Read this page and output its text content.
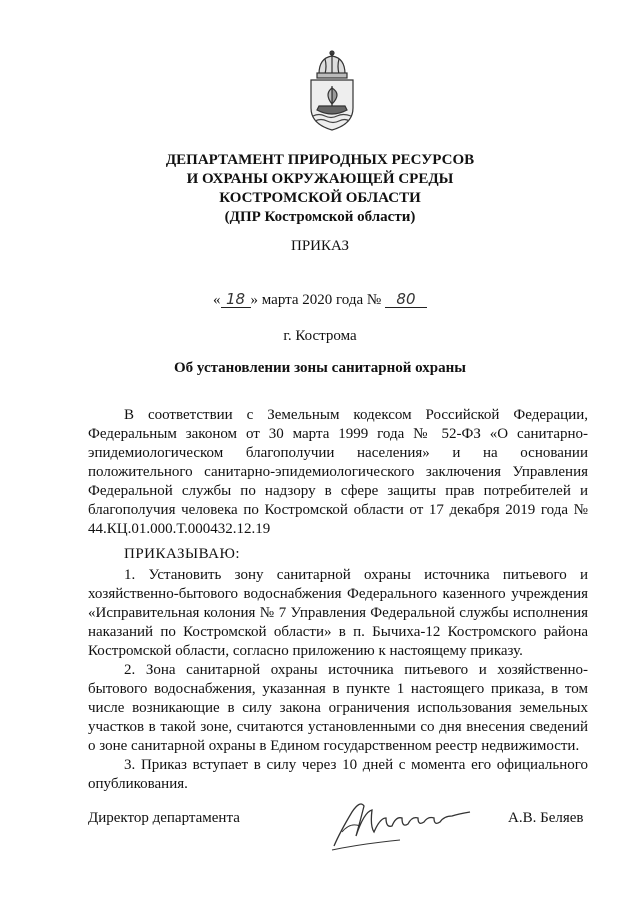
ДЕПАРТАМЕНТ ПРИРОДНЫХ РЕСУРСОВ
И ОХРАНЫ ОКРУЖАЮЩЕЙ СРЕДЫ
КОСТРОМСКОЙ ОБЛАСТИ
(ДПР Костромской области)
ПРИКАЗ
« 18 » марта 2020 года № 80
г. Кострома
Об установлении зоны санитарной охраны

В соответствии с Земельным кодексом Российской Федерации, Федеральным законом от 30 марта 1999 года № 52-ФЗ «О санитарно-эпидемиологическом благополучии населения» и на основании положительного санитарно-эпидемиологического заключения Управления Федеральной службы по надзору в сфере защиты прав потребителей и благополучия человека по Костромской области от 17 декабря 2019 года № 44.КЦ.01.000.Т.000432.12.19

ПРИКАЗЫВАЮ:

1. Установить зону санитарной охраны источника питьевого и хозяйственно-бытового водоснабжения Федерального казенного учреждения «Исправительная колония № 7 Управления Федеральной службы исполнения наказаний по Костромской области» в п. Бычиха-12 Костромского района Костромской области, согласно приложению к настоящему приказу.

2. Зона санитарной охраны источника питьевого и хозяйственно-бытового водоснабжения, указанная в пункте 1 настоящего приказа, в том числе возникающие в силу закона ограничения использования земельных участков в такой зоне, считаются установленными со дня внесения сведений о зоне санитарной охраны в Едином государственном реестр недвижимости.

3. Приказ вступает в силу через 10 дней с момента его официального опубликования.

Директор департамента	А.В. Беляев
